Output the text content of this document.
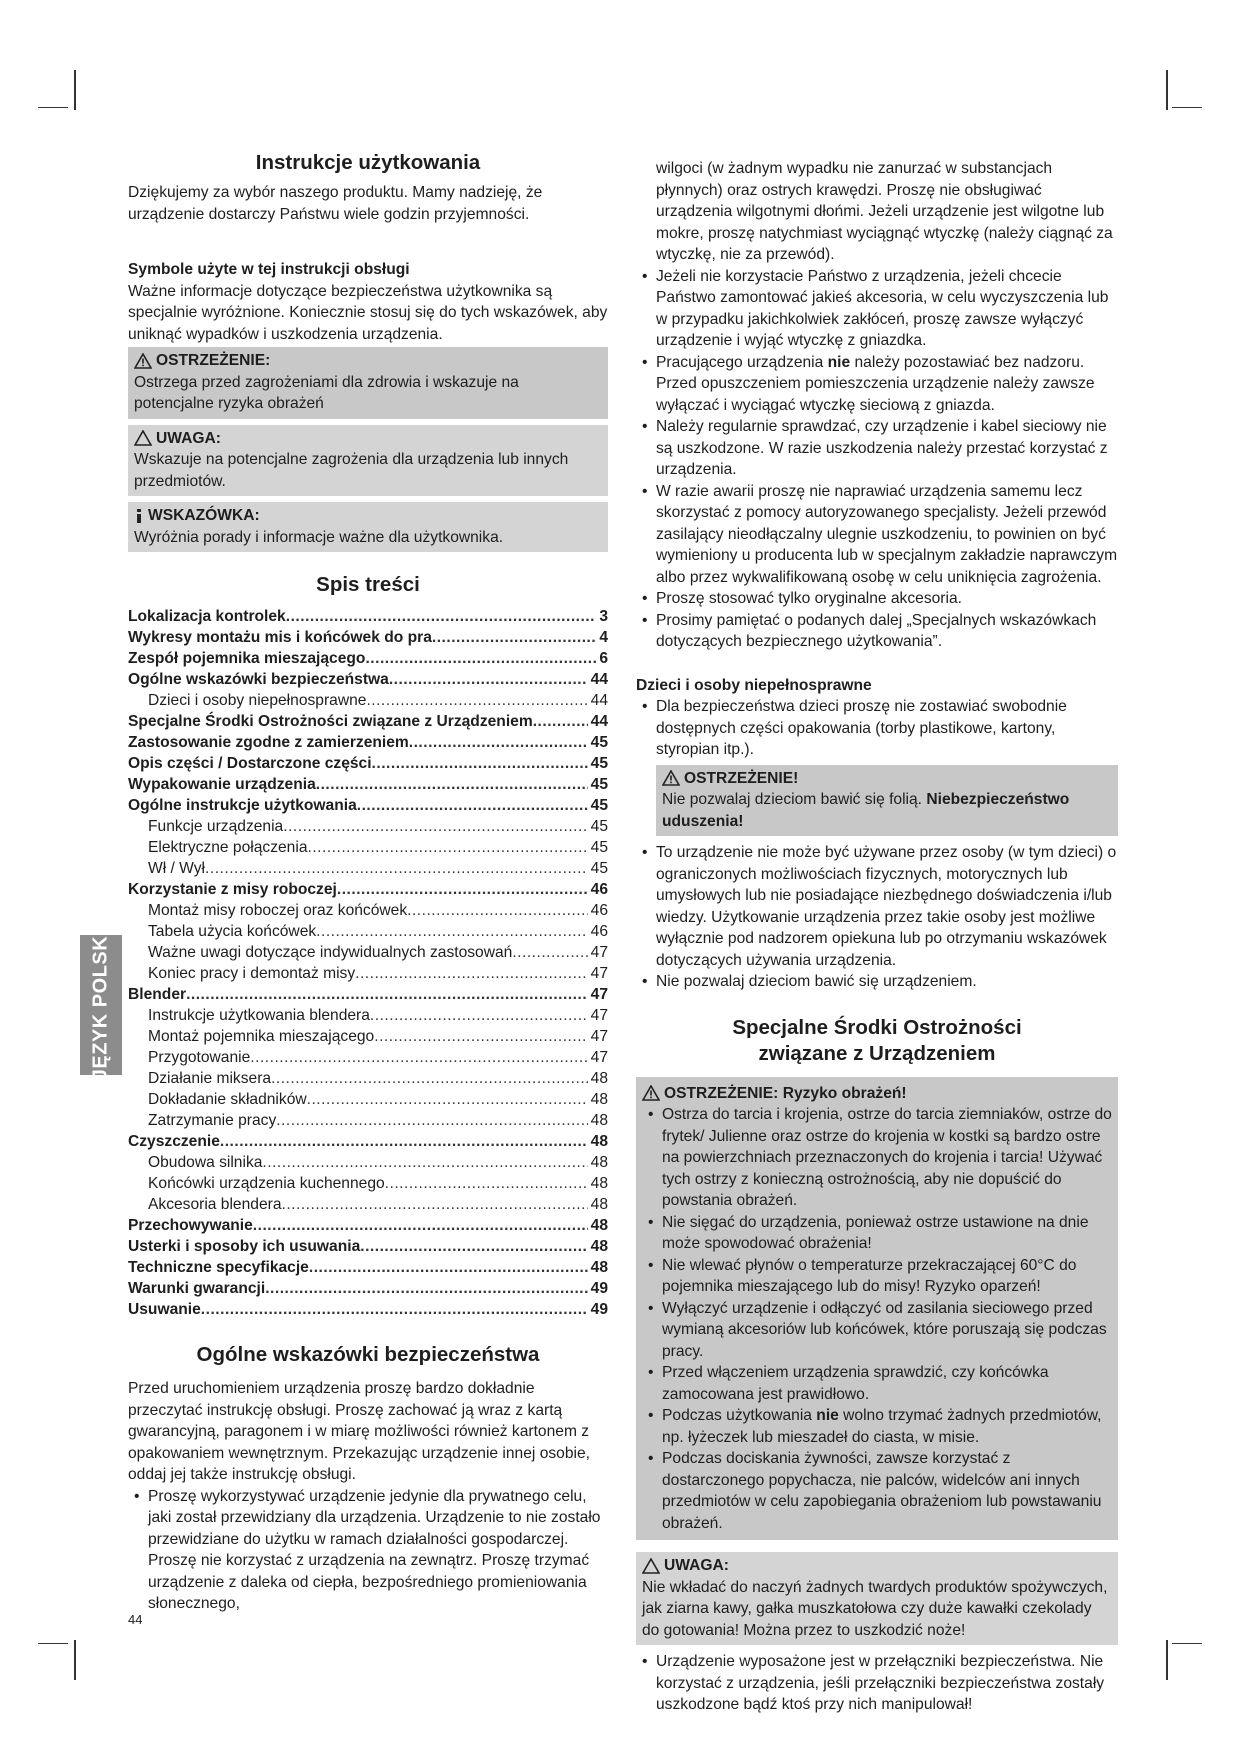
JĘZYK POLSKI
Instrukcje użytkowania

Dziękujemy za wybór naszego produktu. Mamy nadzieję, że urządzenie dostarczy Państwu wiele godzin przyjemności.

Symbole użyte w tej instrukcji obsługi

Ważne informacje dotyczące bezpieczeństwa użytkownika są specjalnie wyróżnione. Koniecznie stosuj się do tych wskazówek, aby uniknąć wypadków i uszkodzenia urządzenia.

OSTRZEŻENIE:

Ostrzega przed zagrożeniami dla zdrowia i wskazuje na potencjalne ryzyka obrażeń

UWAGA:

Wskazuje na potencjalne zagrożenia dla urządzenia lub innych przedmiotów.

WSKAZÓWKA:

Wyróżnia porady i informacje ważne dla użytkownika.

Spis treści
Lokalizacja kontrolek .....	3
Wykresy montażu mis i końcówek do pra .....	4
Zespół pojemnika mieszającego .....	6
Ogólne wskazówki bezpieczeństwa .....	44
Dzieci i osoby niepełnosprawne .....	44
Specjalne Środki Ostrożności związane z Urządzeniem .....	44
Zastosowanie zgodne z zamierzeniem .....	45
Opis części / Dostarczone części .....	45
Wypakowanie urządzenia .....	45
Ogólne instrukcje użytkowania .....	45
Funkcje urządzenia .....	45
Elektryczne połączenia .....	45
Wł / Wył .....	45
Korzystanie z misy roboczej .....	46
Montaż misy roboczej oraz końcówek .....	46
Tabela użycia końcówek .....	46
Ważne uwagi dotyczące indywidualnych zastosowań .....	47
Koniec pracy i demontaż misy .....	47
Blender .....	47
Instrukcje użytkowania blendera .....	47
Montaż pojemnika mieszającego .....	47
Przygotowanie .....	47
Działanie miksera .....	48
Dokładanie składników .....	48
Zatrzymanie pracy .....	48
Czyszczenie .....	48
Obudowa silnika .....	48
Końcówki urządzenia kuchennego .....	48
Akcesoria blendera .....	48
Przechowywanie .....	48
Usterki i sposoby ich usuwania .....	48
Techniczne specyfikacje .....	48
Warunki gwarancji .....	49
Usuwanie .....	49
Ogólne wskazówki bezpieczeństwa

Przed uruchomieniem urządzenia proszę bardzo dokładnie przeczytać instrukcję obsługi. Proszę zachować ją wraz z kartą gwarancyjną, paragonem i w miarę możliwości również kartonem z opakowaniem wewnętrznym. Przekazując urządzenie innej osobie, oddaj jej także instrukcję obsługi.

• Proszę wykorzystywać urządzenie jedynie dla prywatnego celu, jaki został przewidziany dla urządzenia. Urządzenie to nie zostało przewidziane do użytku w ramach działalności gospodarczej.
Proszę nie korzystać z urządzenia na zewnątrz. Proszę trzymać urządzenie z daleka od ciepła, bezpośredniego promieniowania słonecznego,

wilgoci (w żadnym wypadku nie zanurzać w substancjach płynnych) oraz ostrych krawędzi. Proszę nie obsługiwać urządzenia wilgotnymi dłońmi. Jeżeli urządzenie jest wilgotne lub mokre, proszę natychmiast wyciągnąć wtyczkę (należy ciągnąć za wtyczkę, nie za przewód).

• Jeżeli nie korzystacie Państwo z urządzenia, jeżeli chcecie Państwo zamontować jakieś akcesoria, w celu wyczyszczenia lub w przypadku jakichkolwiek zakłóceń, proszę zawsze wyłączyć urządzenie i wyjąć wtyczkę z gniazdka.
• Pracującego urządzenia nie należy pozostawiać bez nadzoru. Przed opuszczeniem pomieszczenia urządzenie należy zawsze wyłączać i wyciągać wtyczkę sieciową z gniazda.
• Należy regularnie sprawdzać, czy urządzenie i kabel sieciowy nie są uszkodzone. W razie uszkodzenia należy przestać korzystać z urządzenia.
• W razie awarii proszę nie naprawiać urządzenia samemu lecz skorzystać z pomocy autoryzowanego specjalisty. Jeżeli przewód zasilający nieodłączalny ulegnie uszkodzeniu, to powinien on być wymieniony u producenta lub w specjalnym zakładzie naprawczym albo przez wykwalifikowaną osobę w celu uniknięcia zagrożenia.
• Proszę stosować tylko oryginalne akcesoria.
• Prosimy pamiętać o podanych dalej „Specjalnych wskazówkach dotyczących bezpiecznego użytkowania”.
Dzieci i osoby niepełnosprawne
• Dla bezpieczeństwa dzieci proszę nie zostawiać swobodnie dostępnych części opakowania (torby plastikowe, kartony, styropian itp.).
OSTRZEŻENIE!

Nie pozwalaj dzieciom bawić się folią. Niebezpieczeństwo uduszenia!

• To urządzenie nie może być używane przez osoby (w tym dzieci) o ograniczonych możliwościach fizycznych, motorycznych lub umysłowych lub nie posiadające niezbędnego doświadczenia i/lub wiedzy. Użytkowanie urządzenia przez takie osoby jest możliwe wyłącznie pod nadzorem opiekuna lub po otrzymaniu wskazówek dotyczących używania urządzenia.
• Nie pozwalaj dzieciom bawić się urządzeniem.
Specjalne Środki Ostrożności
związane z Urządzeniem
OSTRZEŻENIE: Ryzyko obrażeń!
• Ostrza do tarcia i krojenia, ostrze do tarcia ziemniaków, ostrze do frytek/ Julienne oraz ostrze do krojenia w kostki są bardzo ostre na powierzchniach przeznaczonych do krojenia i tarcia! Używać tych ostrzy z konieczną ostrożnością, aby nie dopuścić do powstania obrażeń.
• Nie sięgać do urządzenia, ponieważ ostrze ustawione na dnie może spowodować obrażenia!
• Nie wlewać płynów o temperaturze przekraczającej 60°C do pojemnika mieszającego lub do misy! Ryzyko oparzeń!
• Wyłączyć urządzenie i odłączyć od zasilania sieciowego przed wymianą akcesoriów lub końcówek, które poruszają się podczas pracy.
• Przed włączeniem urządzenia sprawdzić, czy końcówka zamocowana jest prawidłowo.
• Podczas użytkowania nie wolno trzymać żadnych przedmiotów, np. łyżeczek lub mieszadeł do ciasta, w misie.
• Podczas dociskania żywności, zawsze korzystać z dostarczonego popychacza, nie palców, widelców ani innych przedmiotów w celu zapobiegania obrażeniom lub powstawaniu obrażeń.
UWAGA:

Nie wkładać do naczyń żadnych twardych produktów spożywczych, jak ziarna kawy, gałka muszkatołowa czy duże kawałki czekolady do gotowania! Można przez to uszkodzić noże!

• Urządzenie wyposażone jest w przełączniki bezpieczeństwa. Nie korzystać z urządzenia, jeśli przełączniki bezpieczeństwa zostały uszkodzone bądź ktoś przy nich manipulował!
44
